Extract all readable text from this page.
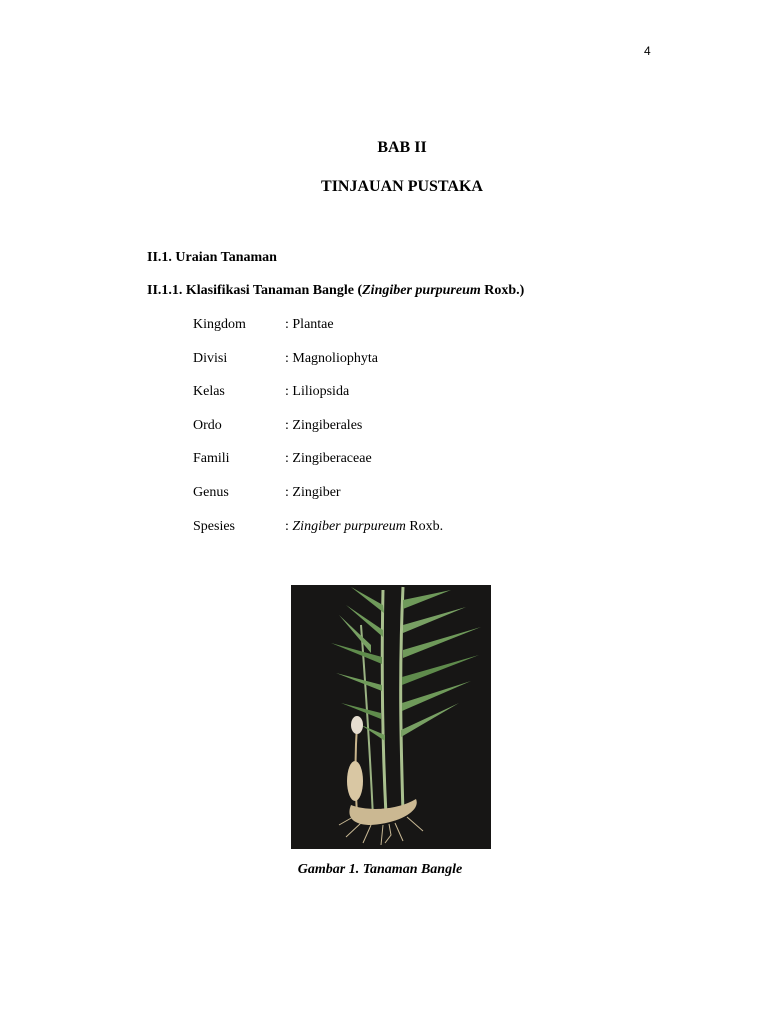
4
BAB II
TINJAUAN PUSTAKA
II.1. Uraian Tanaman
II.1.1. Klasifikasi Tanaman Bangle (Zingiber purpureum Roxb.)
Kingdom	: Plantae
Divisi	: Magnoliophyta
Kelas	: Liliopsida
Ordo	: Zingiberales
Famili	: Zingiberaceae
Genus	: Zingiber
Spesies	: Zingiber purpureum Roxb.
Gambar 1. Tanaman Bangle
